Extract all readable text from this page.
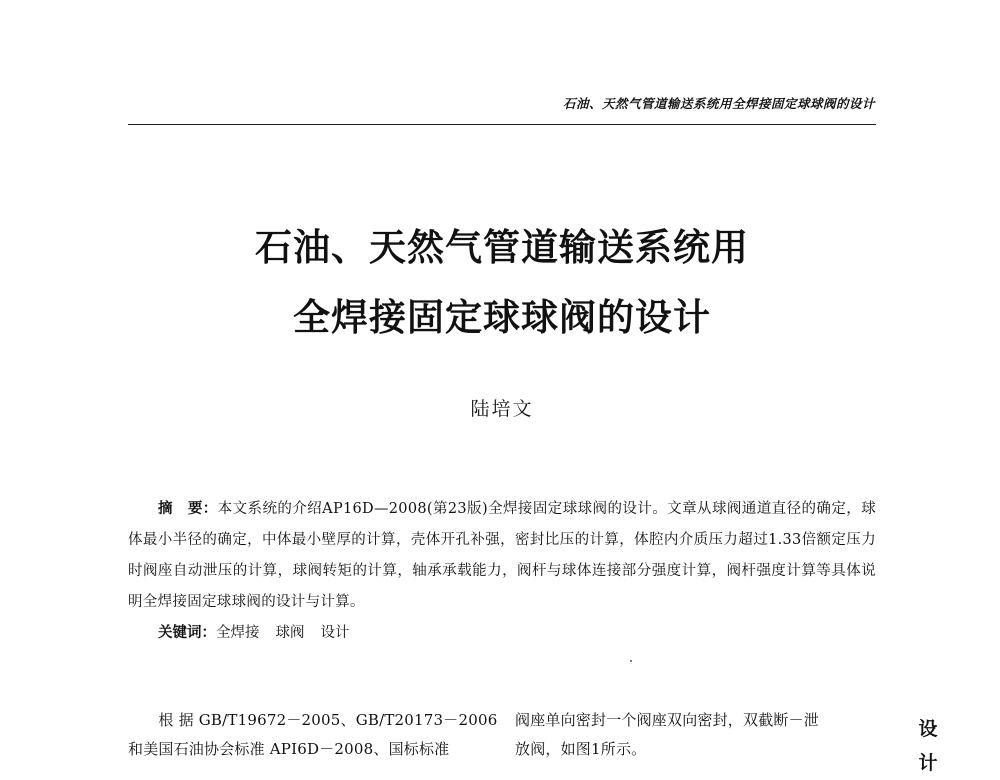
石油、天然气管道输送系统用全焊接固定球球阀的设计
石油、天然气管道输送系统用
全焊接固定球球阀的设计
陆培文
摘　要：本文系统的介绍AP16D—2008(第23版)全焊接固定球球阀的设计。文章从球阀通道直径的确定，球体最小半径的确定，中体最小壁厚的计算，壳体开孔补强，密封比压的计算，体腔内介质压力超过1.33倍额定压力时阀座自动泄压的计算，球阀转矩的计算，轴承承载能力，阀杆与球体连接部分强度计算，阀杆强度计算等具体说明全焊接固定球球阀的设计与计算。
关键词：全焊接 球阀 设计
　　根 据 GB/T19672－2005、GB/T20173－2006
和美国石油协会标准 API6D－2008、国标标准
阀座单向密封一个阀座双向密封，双截断－泄
放阀，如图1所示。
设
计
